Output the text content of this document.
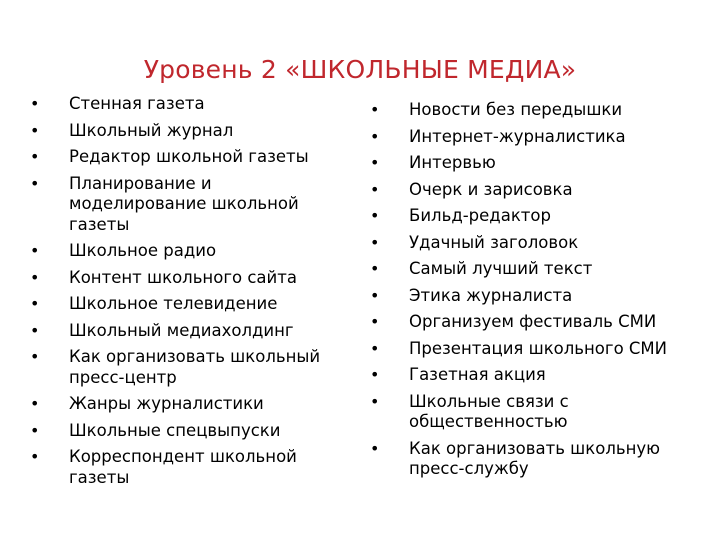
Уровень 2 «ШКОЛЬНЫЕ МЕДИА»
• Стенная газета
• Школьный журнал
• Редактор школьной газеты
• Планирование и моделирование школьной газеты
• Школьное радио
• Контент школьного сайта
• Школьное телевидение
• Школьный медиахолдинг
• Как организовать школьный пресс-центр
• Жанры журналистики
• Школьные спецвыпуски
• Корреспондент школьной газеты
• Новости без передышки
• Интернет-журналистика
• Интервью
• Очерк и зарисовка
• Бильд-редактор
• Удачный заголовок
• Самый лучший текст
• Этика журналиста
• Организуем фестиваль СМИ
• Презентация школьного СМИ
• Газетная акция
• Школьные связи с общественностью
• Как организовать школьную пресс-службу
